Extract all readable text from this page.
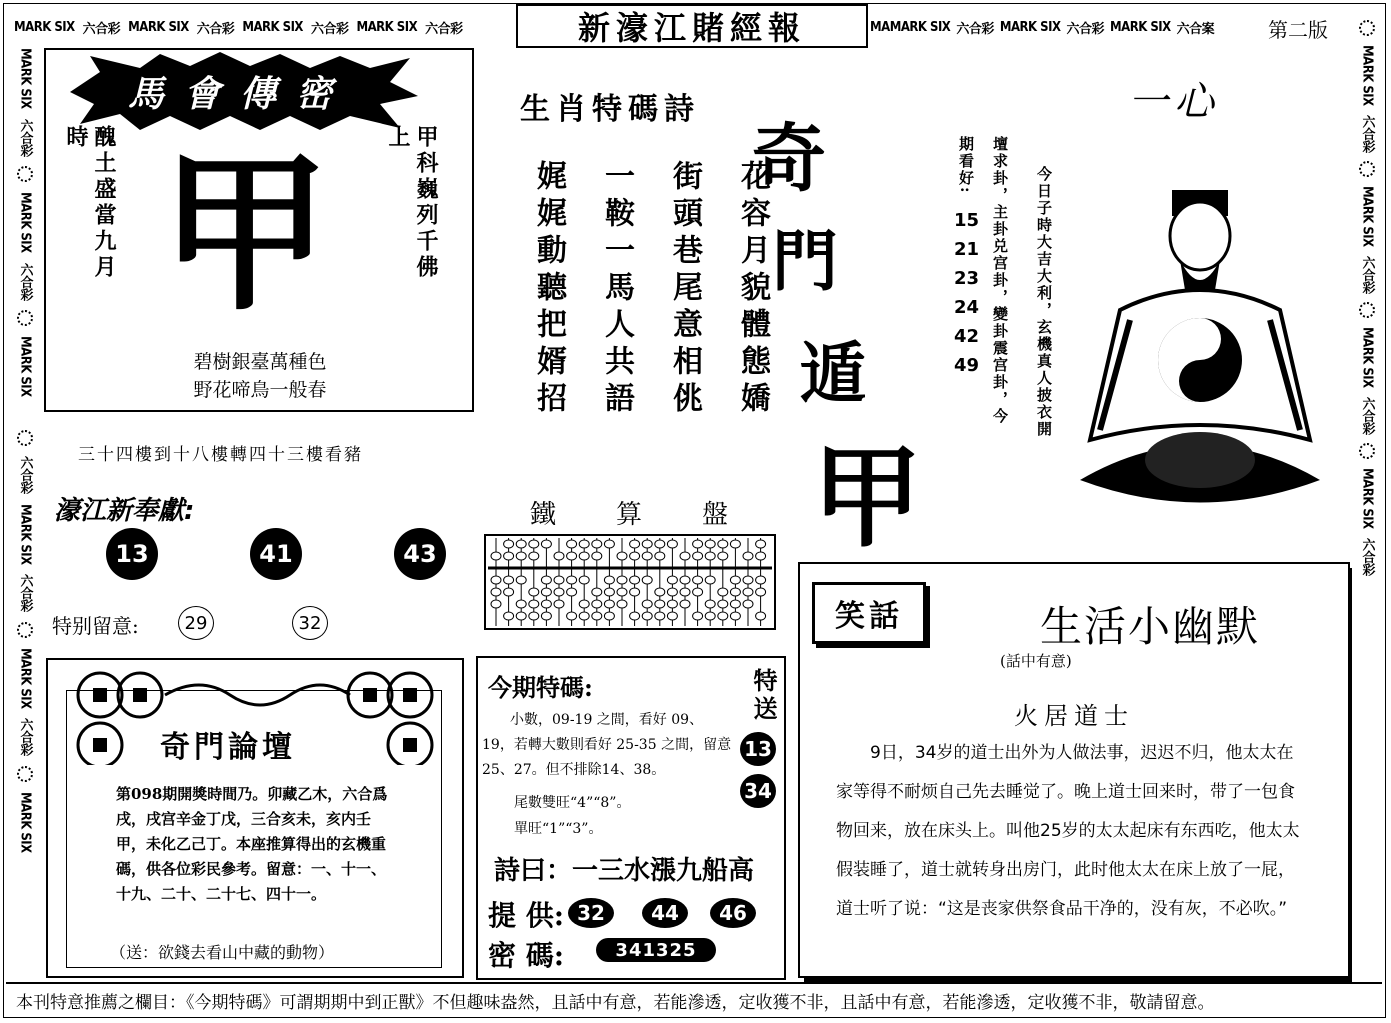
MARK SIX 六合彩 MARK SIX 六合彩 MARK SIX 六合彩 MARK SIX 六合彩	新濠江賭經報	MAMARK SIX 六合彩 MARK SIX 六合彩 MARK SIX 六合案	第二版
MARK SIX
六合彩
MARK SIX
六合彩
MARK SIX
六合彩
MARK SIX
六合彩
MARK SIX
六合彩
MARK SIX
MARK SIX
六合彩
MARK SIX
六合彩
MARK SIX
六合彩
MARK SIX
六合彩
馬會傳密
醜土盛當九月時	甲科巍列千佛上
甲
碧樹銀臺萬種色
野花啼鳥一般春
三十四樓到十八樓轉四十三樓看豬
濠江新奉獻:
13	41	43
特别留意:	29	32
奇門論壇
第098期開獎時間乃。卯藏乙木，六合爲戌，戌宫辛金丁戊，三合亥未，亥内壬甲，未化乙己丁。本座推算得出的玄機重碼，供各位彩民參考。留意：一、十一、十九、二十、二十七、四十一。
（送：欲錢去看山中藏的動物）
生肖特碼詩
花容月貌體態嬌
街頭巷尾意相佻
一鞍一馬人共語
娓娓動聽把婿招
奇
門
遁
甲
鐵算盤
今期特碼:	特送
13
34
小數，09-19 之間，看好 09、19，若轉大數則看好 25-35 之間，留意25、27。但不排除14、38。
尾數雙旺“4”“8”。
單旺“1”“3”。
詩曰：一三水漲九船高
提 供: 32	44	46
密 碼:	341325
一心
今日子時大吉大利，玄機真人披衣開
壇求卦，主卦兑宫卦，變卦震宫卦，今
期看好:
15
21
23
24
42
49
笑話	生活小幽默
(話中有意)
火居道士
9日，34岁的道士出外为人做法事，迟迟不归，他太太在家等得不耐烦自己先去睡觉了。晚上道士回来时，带了一包食物回来，放在床头上。叫他25岁的太太起床有东西吃，他太太假装睡了，道士就转身出房门，此时他太太在床上放了一屁，道士听了说：“这是丧家供祭食品干净的，没有灰，不必吹。”
本刊特意推薦之欄目：《今期特碼》可謂期期中到正獸》不但趣味盎然，且話中有意，若能滲透，定收獲不非，且話中有意，若能滲透，定收獲不非，敬請留意。
